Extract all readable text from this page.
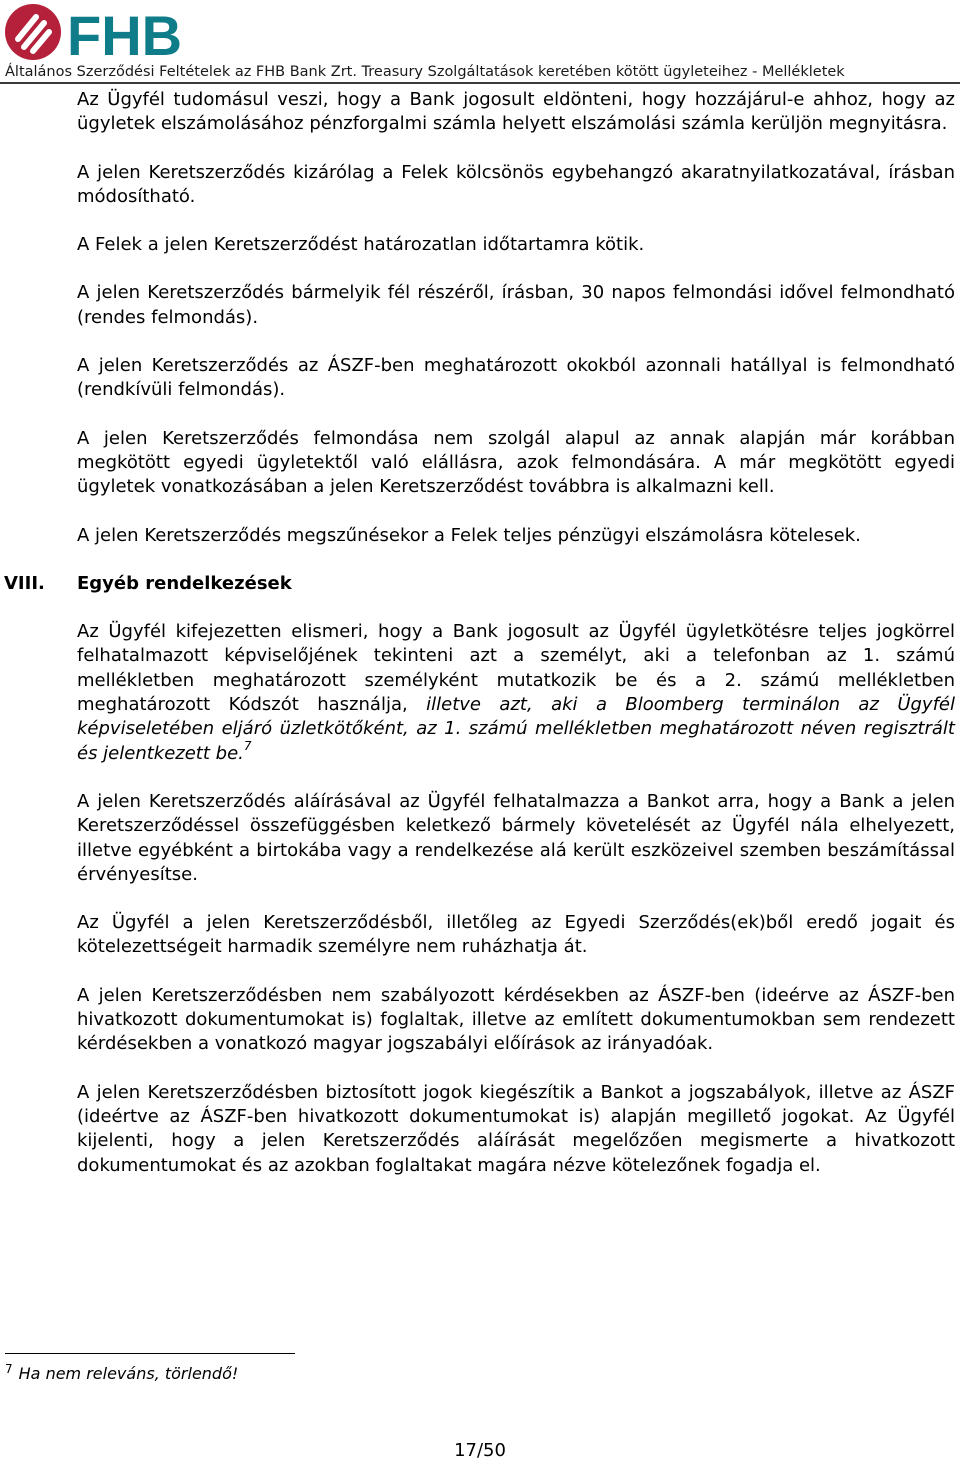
FHB
Általános Szerződési Feltételek az FHB Bank Zrt. Treasury Szolgáltatások keretében kötött ügyleteihez - Mellékletek

Az Ügyfél tudomásul veszi, hogy a Bank jogosult eldönteni, hogy hozzájárul-e ahhoz, hogy az ügyletek elszámolásához pénzforgalmi számla helyett elszámolási számla kerüljön megnyitásra.

A jelen Keretszerződés kizárólag a Felek kölcsönös egybehangzó akaratnyilatkozatával, írásban módosítható.

A Felek a jelen Keretszerződést határozatlan időtartamra kötik.

A jelen Keretszerződés bármelyik fél részéről, írásban, 30 napos felmondási idővel felmondható (rendes felmondás).

A jelen Keretszerződés az ÁSZF-ben meghatározott okokból azonnali hatállyal is felmondható (rendkívüli felmondás).

A jelen Keretszerződés felmondása nem szolgál alapul az annak alapján már korábban megkötött egyedi ügyletektől való elállásra, azok felmondására. A már megkötött egyedi ügyletek vonatkozásában a jelen Keretszerződést továbbra is alkalmazni kell.

A jelen Keretszerződés megszűnésekor a Felek teljes pénzügyi elszámolásra kötelesek.

VIII. Egyéb rendelkezések

Az Ügyfél kifejezetten elismeri, hogy a Bank jogosult az Ügyfél ügyletkötésre teljes jogkörrel felhatalmazott képviselőjének tekinteni azt a személyt, aki a telefonban az 1. számú mellékletben meghatározott személyként mutatkozik be és a 2. számú mellékletben meghatározott Kódszót használja, illetve azt, aki a Bloomberg terminálon az Ügyfél képviseletében eljáró üzletkötőként, az 1. számú mellékletben meghatározott néven regisztrált és jelentkezett be.$^7$

A jelen Keretszerződés aláírásával az Ügyfél felhatalmazza a Bankot arra, hogy a Bank a jelen Keretszerződéssel összefüggésben keletkező bármely követelését az Ügyfél nála elhelyezett, illetve egyébként a birtokába vagy a rendelkezése alá került eszközeivel szemben beszámítással érvényesítse.

Az Ügyfél a jelen Keretszerződésből, illetőleg az Egyedi Szerződés(ek)ből eredő jogait és kötelezettségeit harmadik személyre nem ruházhatja át.

A jelen Keretszerződésben nem szabályozott kérdésekben az ÁSZF-ben (ideérve az ÁSZF-ben hivatkozott dokumentumokat is) foglaltak, illetve az említett dokumentumokban sem rendezett kérdésekben a vonatkozó magyar jogszabályi előírások az irányadóak.

A jelen Keretszerződésben biztosított jogok kiegészítik a Bankot a jogszabályok, illetve az ÁSZF (ideértve az ÁSZF-ben hivatkozott dokumentumokat is) alapján megillető jogokat. Az Ügyfél kijelenti, hogy a jelen Keretszerződés aláírását megelőzően megismerte a hivatkozott dokumentumokat és az azokban foglaltakat magára nézve kötelezőnek fogadja el.

$^7$ Ha nem releváns, törlendő!
17/50
